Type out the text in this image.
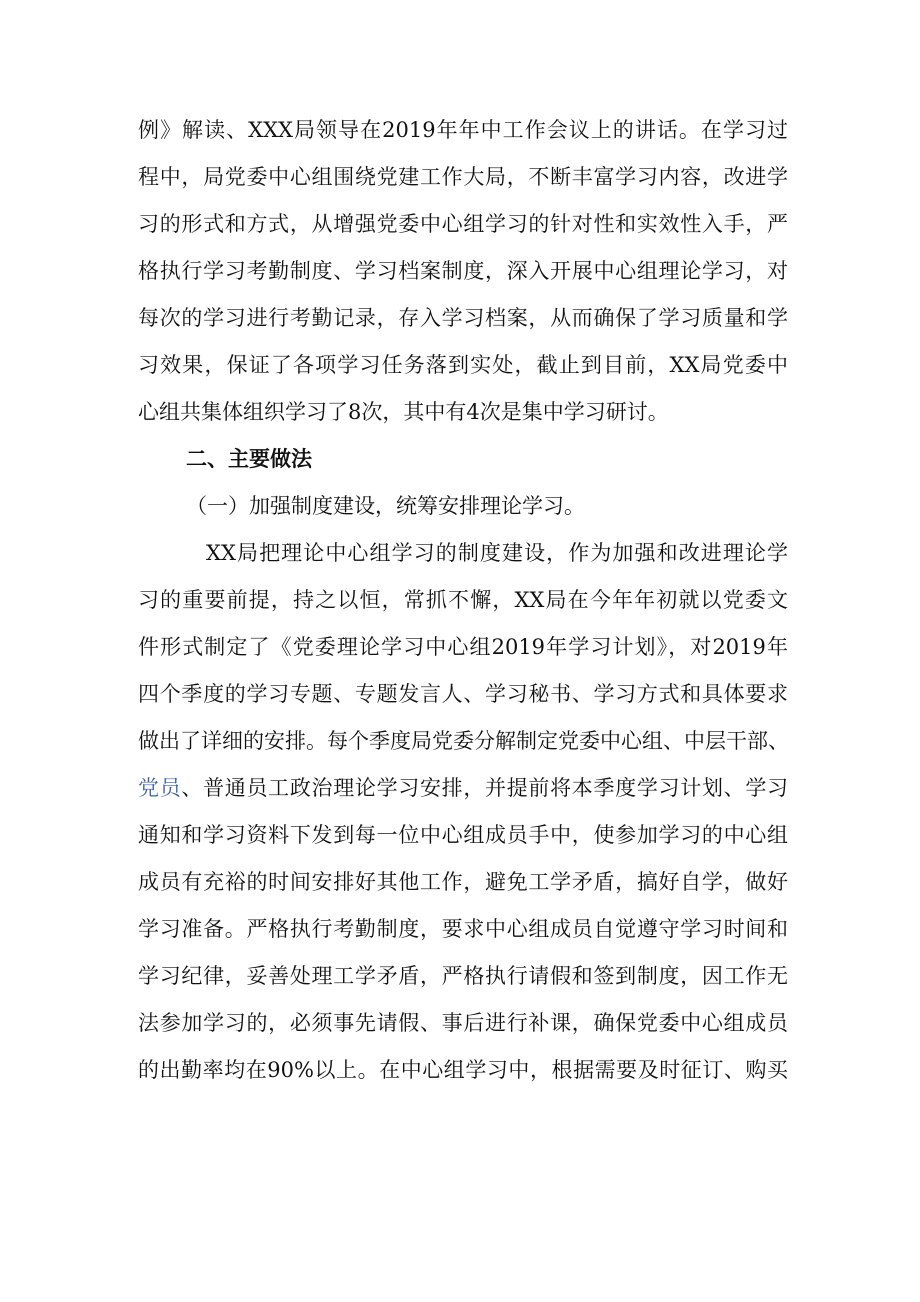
例》解读、XXX局领导在2019年年中工作会议上的讲话。在学习过
程中，局党委中心组围绕党建工作大局，不断丰富学习内容，改进学
习的形式和方式，从增强党委中心组学习的针对性和实效性入手，严
格执行学习考勤制度、学习档案制度，深入开展中心组理论学习，对
每次的学习进行考勤记录，存入学习档案，从而确保了学习质量和学
习效果，保证了各项学习任务落到实处，截止到目前，XX局党委中
心组共集体组织学习了8次，其中有4次是集中学习研讨。
二、主要做法
（一）加强制度建设，统筹安排理论学习。
XX局把理论中心组学习的制度建设，作为加强和改进理论学
习的重要前提，持之以恒，常抓不懈，XX局在今年年初就以党委文
件形式制定了《党委理论学习中心组2019年学习计划》，对2019年
四个季度的学习专题、专题发言人、学习秘书、学习方式和具体要求
做出了详细的安排。每个季度局党委分解制定党委中心组、中层干部、
党员、普通员工政治理论学习安排，并提前将本季度学习计划、学习
通知和学习资料下发到每一位中心组成员手中，使参加学习的中心组
成员有充裕的时间安排好其他工作，避免工学矛盾，搞好自学，做好
学习准备。严格执行考勤制度，要求中心组成员自觉遵守学习时间和
学习纪律，妥善处理工学矛盾，严格执行请假和签到制度，因工作无
法参加学习的，必须事先请假、事后进行补课，确保党委中心组成员
的出勤率均在90%以上。在中心组学习中，根据需要及时征订、购买
